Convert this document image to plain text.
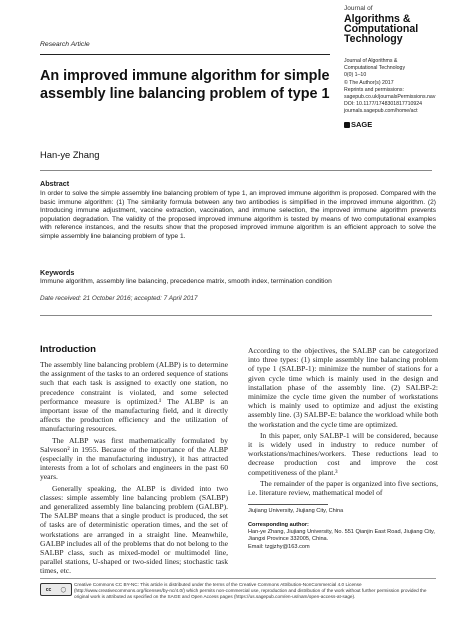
Journal of
Algorithms &
Computational
Technology
Research Article
Journal of Algorithms &
Computational Technology
0(0) 1–10
© The Author(s) 2017
Reprints and permissions:
sagepub.co.uk/journalsPermissions.nav
DOI: 10.1177/1748301817710924
journals.sagepub.com/home/act
SAGE
An improved immune algorithm for simple assembly line balancing problem of type 1
Han-ye Zhang
Abstract
In order to solve the simple assembly line balancing problem of type 1, an improved immune algorithm is proposed. Compared with the basic immune algorithm: (1) The similarity formula between any two antibodies is simplified in the improved immune algorithm. (2) Introducing immune adjustment, vaccine extraction, vaccination, and immune selection, the improved immune algorithm prevents population degradation. The validity of the proposed improved immune algorithm is tested by means of two computational examples with reference instances, and the results show that the proposed improved immune algorithm is an efficient approach to solve the simple assembly line balancing problem of type 1.
Keywords
Immune algorithm, assembly line balancing, precedence matrix, smooth index, termination condition
Date received: 21 October 2016; accepted: 7 April 2017
Introduction

The assembly line balancing problem (ALBP) is to determine the assignment of the tasks to an ordered sequence of stations such that each task is assigned to exactly one station, no precedence constraint is violated, and some selected performance measure is optimized.¹ The ALBP is an important issue of the manufacturing field, and it directly affects the production efficiency and the utilization of manufacturing resources.

The ALBP was first mathematically formulated by Salveson² in 1955. Because of the importance of the ALBP (especially in the manufacturing industry), it has attracted interests from a lot of scholars and engineers in the past 60 years.

Generally speaking, the ALBP is divided into two classes: simple assembly line balancing problem (SALBP) and generalized assembly line balancing problem (GALBP). The SALBP means that a single product is produced, the set of tasks are of deterministic operation times, and the set of workstations are arranged in a straight line. Meanwhile, GALBP includes all of the problems that do not belong to the SALBP class, such as mixed-model or multimodel line, parallel stations, U-shaped or two-sided lines; stochastic task times, etc.

According to the objectives, the SALBP can be categorized into three types: (1) simple assembly line balancing problem of type 1 (SALBP-1): minimize the number of stations for a given cycle time which is mainly used in the design and installation phase of the assembly line. (2) SALBP-2: minimize the cycle time given the number of workstations which is mainly used to optimize and adjust the existing assembly line. (3) SALBP-E: balance the workload while both the workstation and the cycle time are optimized.

In this paper, only SALBP-1 will be considered, because it is widely used in industry to reduce number of workstations/machines/workers. These reductions lead to decrease production cost and improve the cost competitiveness of the plant.³

The remainder of the paper is organized into five sections, i.e. literature review, mathematical model of

Jiujiang University, Jiujiang City, China
Corresponding author:
Han-ye Zhang, Jiujiang University, No. 551 Qianjin East Road, Jiujiang City,
Jiangxi Province 332005, China.
Email: tzgjzhy@163.com
cc ◯
Creative Commons CC BY-NC: This article is distributed under the terms of the Creative Commons Attribution-NonCommercial 4.0 License (http://www.creativecommons.org/licenses/by-nc/4.0/) which permits non-commercial use, reproduction and distribution of the work without further permission provided the original work is attributed as specified on the SAGE and Open Access pages (https://us.sagepub.com/en-us/nam/open-access-at-sage).
